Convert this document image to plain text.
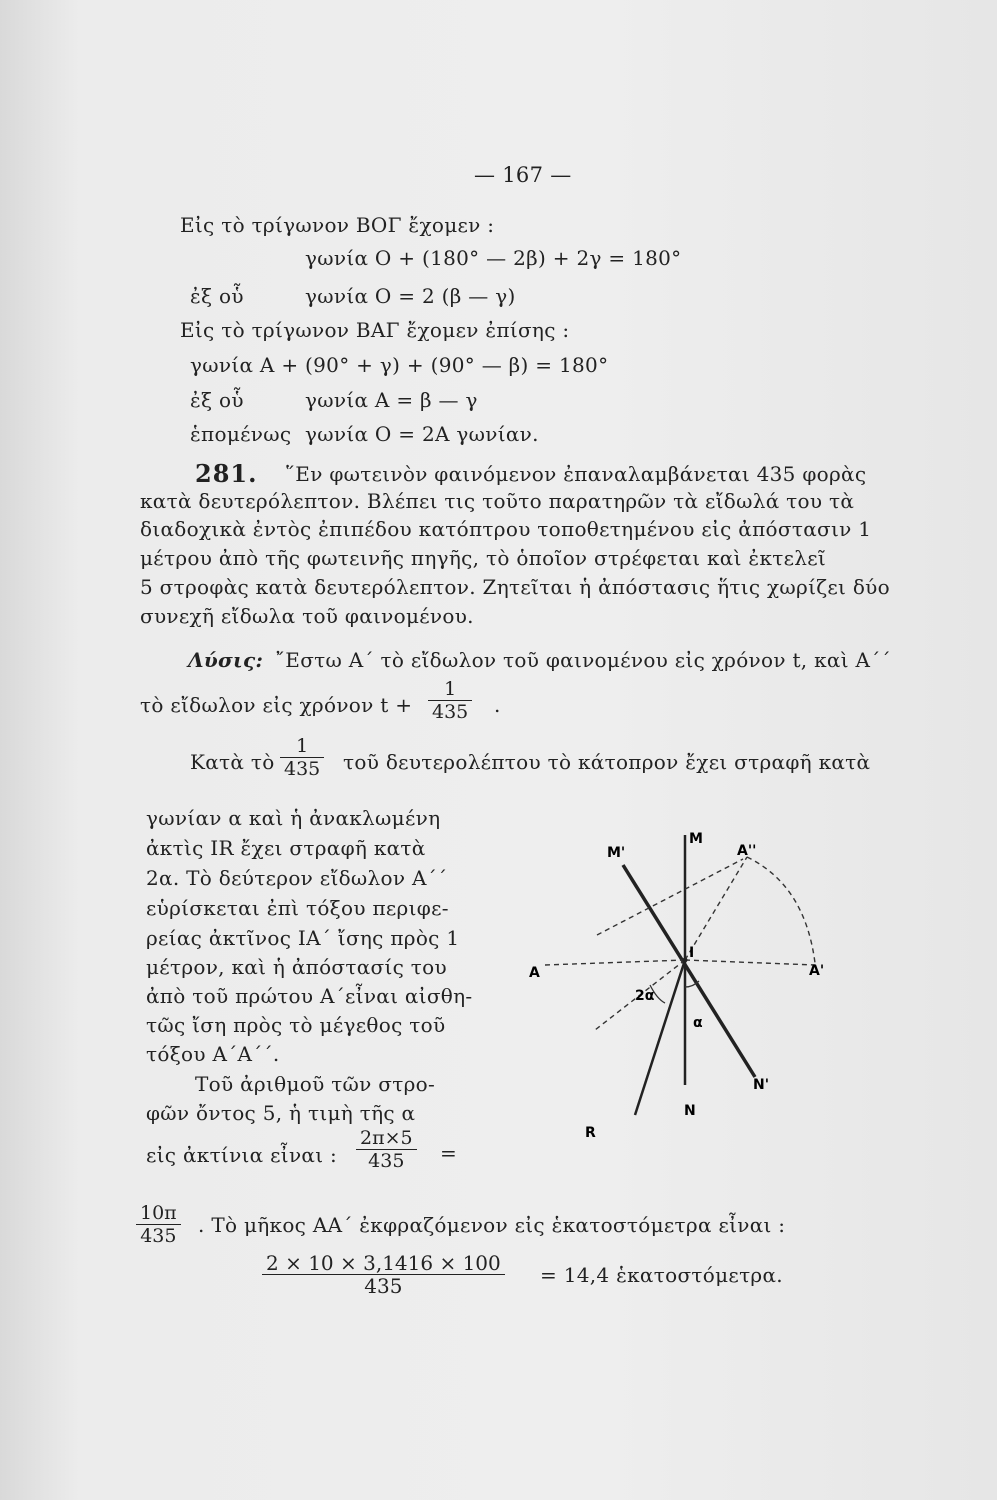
— 167 —
Εἰς τὸ τρίγωνον ΒΟΓ ἔχομεν :
γωνία Ο + (180° — 2β) + 2γ = 180°
ἐξ οὗ	γωνία Ο = 2 (β — γ)
Εἰς τὸ τρίγωνον ΒΑΓ ἔχομεν ἐπίσης :
γωνία Α + (90° + γ) + (90° — β) = 180°
ἐξ οὗ	γωνία Α = β — γ
ἑπομένως γωνία Ο = 2Α γωνίαν.
281. ῞Εν φωτεινὸν φαινόμενον ἐπαναλαμβάνεται 435 φορὰς
κατὰ δευτερόλεπτον. Βλέπει τις τοῦτο παρατηρῶν τὰ εἴδωλά του τὰ
διαδοχικὰ ἐντὸς ἐπιπέδου κατόπτρου τοποθετημένου εἰς ἀπόστασιν 1
μέτρου ἀπὸ τῆς φωτεινῆς πηγῆς, τὸ ὁποῖον στρέφεται καὶ ἐκτελεῖ
5 στροφὰς κατὰ δευτερόλεπτον. Ζητεῖται ἡ ἀπόστασις ἥτις χωρίζει δύο
συνεχῆ εἴδωλα τοῦ φαινομένου.
Λύσις: ῎Εστω Α΄ τὸ εἴδωλον τοῦ φαινομένου εἰς χρόνον t, καὶ Α΄΄
τὸ εἴδωλον εἰς χρόνον $t + \frac{1}{435}$ .
Κατὰ τὸ $\frac{1}{435}$ τοῦ δευτερολέπτου τὸ κάτοπρον ἔχει στραφῆ κατὰ
γωνίαν α καὶ ἡ ἀνακλωμένη
ἀκτὶς IR ἔχει στραφῆ κατὰ
2α. Τὸ δεύτερον εἴδωλον Α΄΄
εὑρίσκεται ἐπὶ τόξου περιφε-
ρείας ἀκτῖνος ΙΑ΄ ἴσης πρὸς 1
μέτρον, καὶ ἡ ἀπόστασίς του
ἀπὸ τοῦ πρώτου Α΄εἶναι αἰσθη-
τῶς ἴση πρὸς τὸ μέγεθος τοῦ
τόξου Α΄Α΄΄.
Τοῦ ἀριθμοῦ τῶν στρο-
φῶν ὄντος 5, ἡ τιμὴ τῆς α
εἰς ἀκτίνια εἶναι : $\frac{2\pi\times 5}{435}$ =
$\frac{10\pi}{435}$ . Τὸ μῆκος ΑΑ΄ ἐκφραζόμενον εἰς ἑκατοστόμετρα εἶναι :
$\frac{2 \times 10 \times 3,1416 \times 100}{435} = 14,4$ ἑκατοστόμετρα.
M
M'	A''
A'
A
I
2α
α
N
N'
R
